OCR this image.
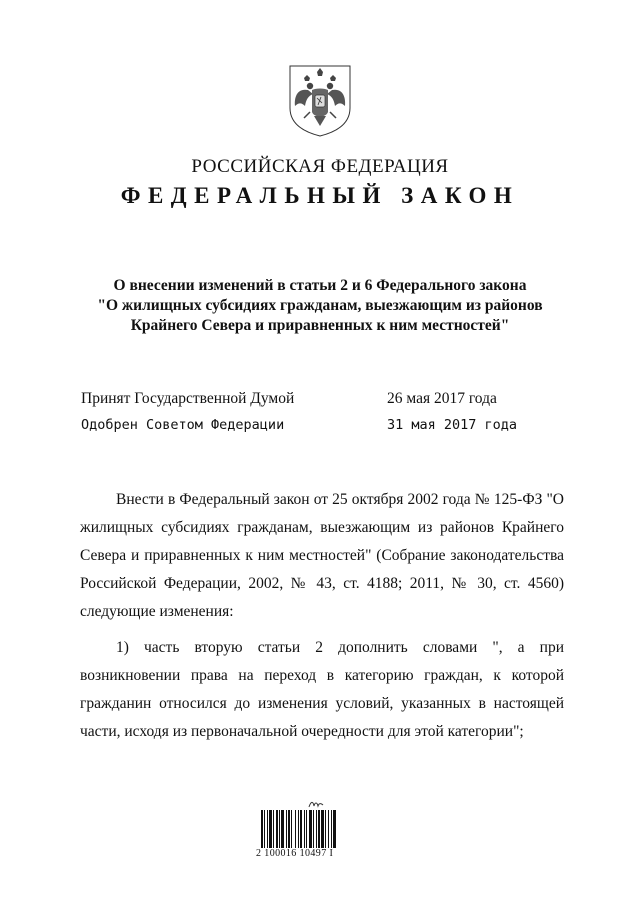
РОССИЙСКАЯ ФЕДЕРАЦИЯ
ФЕДЕРАЛЬНЫЙ ЗАКОН
О внесении изменений в статьи 2 и 6 Федерального закона
"О жилищных субсидиях гражданам, выезжающим из районов
Крайнего Севера и приравненных к ним местностей"
Принят Государственной Думой	26 мая 2017 года
Одобрен Советом Федерации	31 мая 2017 года

Внести в Федеральный закон от 25 октября 2002 года № 125-ФЗ "О жилищных субсидиях гражданам, выезжающим из районов Крайнего Севера и приравненных к ним местностей" (Собрание законодательства Российской Федерации, 2002, № 43, ст. 4188; 2011, № 30, ст. 4560) следующие изменения:

1) часть вторую статьи 2 дополнить словами ", а при возникновении права на переход в категорию граждан, к которой гражданин относился до изменения условий, указанных в настоящей части, исходя из первоначальной очередности для этой категории";

2 100016 10497 I
